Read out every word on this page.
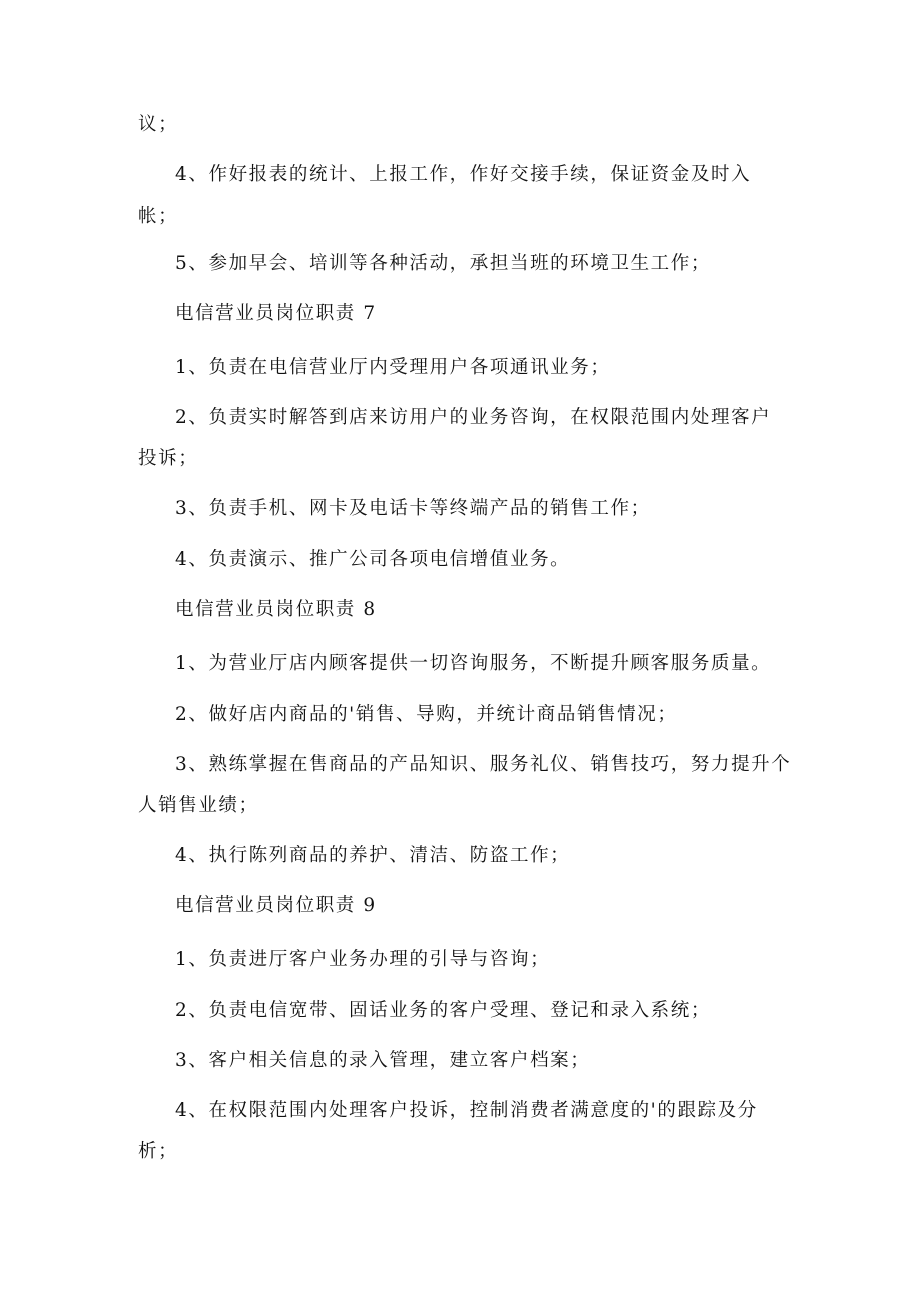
议；
4、作好报表的统计、上报工作，作好交接手续，保证资金及时入
帐；
5、参加早会、培训等各种活动，承担当班的环境卫生工作；
电信营业员岗位职责 7
1、负责在电信营业厅内受理用户各项通讯业务；
2、负责实时解答到店来访用户的业务咨询，在权限范围内处理客户
投诉；
3、负责手机、网卡及电话卡等终端产品的销售工作；
4、负责演示、推广公司各项电信增值业务。
电信营业员岗位职责 8
1、为营业厅店内顾客提供一切咨询服务，不断提升顾客服务质量。
2、做好店内商品的'销售、导购，并统计商品销售情况；
3、熟练掌握在售商品的产品知识、服务礼仪、销售技巧，努力提升个
人销售业绩；
4、执行陈列商品的养护、清洁、防盗工作；
电信营业员岗位职责 9
1、负责进厅客户业务办理的引导与咨询；
2、负责电信宽带、固话业务的客户受理、登记和录入系统；
3、客户相关信息的录入管理，建立客户档案；
4、在权限范围内处理客户投诉，控制消费者满意度的'的跟踪及分
析；
